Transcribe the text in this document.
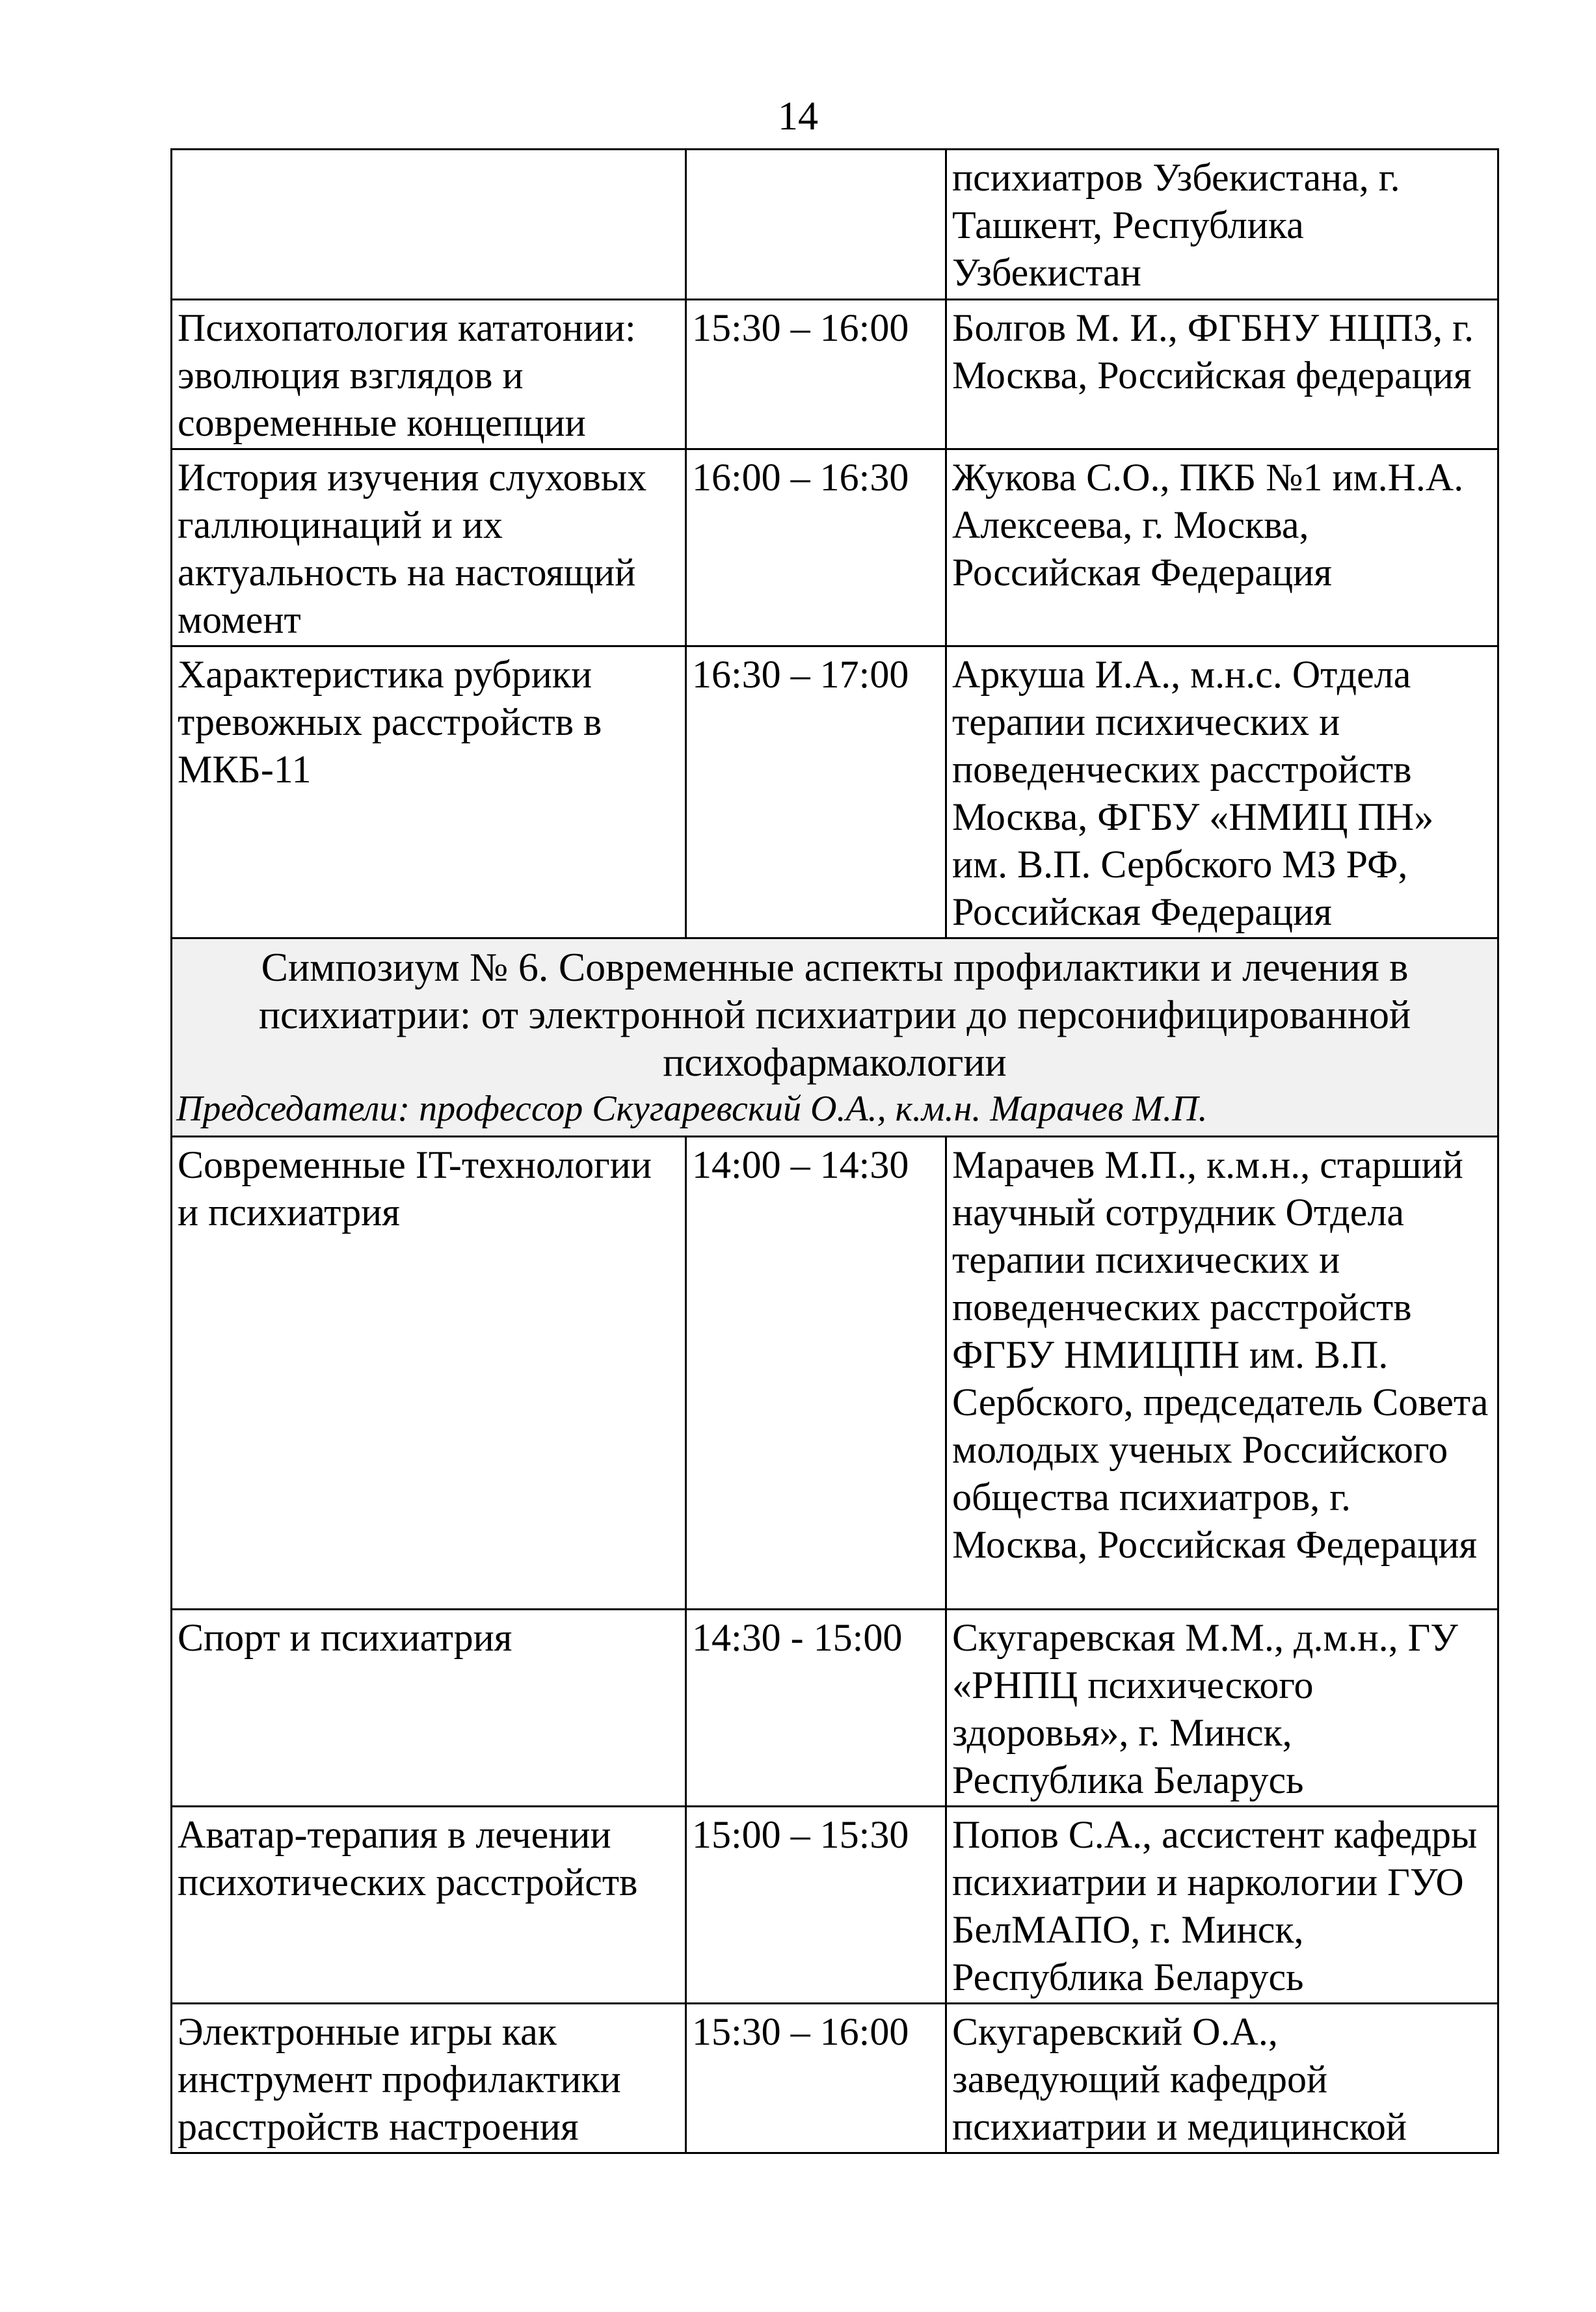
14
		психиатров Узбекистана, г. Ташкент, Республика Узбекистан
Психопатология кататонии: эволюция взглядов и современные концепции	15:30 – 16:00	Болгов М. И., ФГБНУ НЦПЗ, г. Москва, Российская федерация
История изучения слуховых галлюцинаций и их актуальность на настоящий момент	16:00 – 16:30	Жукова С.О., ПКБ №1 им.Н.А. Алексеева, г. Москва, Российская Федерация
Характеристика рубрики тревожных расстройств в МКБ-11	16:30 – 17:00	Аркуша И.А., м.н.с. Отдела терапии психических и поведенческих расстройств Москва, ФГБУ «НМИЦ ПН» им. В.П. Сербского МЗ РФ, Российская Федерация

Симпозиум № 6. Современные аспекты профилактики и лечения в психиатрии: от электронной психиатрии до персонифицированной психофармакологии
Председатели: профессор Скугаревский О.А., к.м.н. Марачев М.П.		

Современные IT-технологии и психиатрия	14:00 – 14:30	Марачев М.П., к.м.н., старший научный сотрудник Отдела терапии психических и поведенческих расстройств ФГБУ НМИЦПН им. В.П. Сербского, председатель Совета молодых ученых Российского общества психиатров, г. Москва, Российская Федерация
Спорт и психиатрия	14:30 - 15:00	Скугаревская М.М., д.м.н., ГУ «РНПЦ психического здоровья», г. Минск, Республика Беларусь
Аватар-терапия в лечении психотических расстройств	15:00 – 15:30	Попов С.А., ассистент кафедры психиатрии и наркологии ГУО БелМАПО, г. Минск, Республика Беларусь
Электронные игры как инструмент профилактики расстройств настроения	15:30 – 16:00	Скугаревский О.А., заведующий кафедрой психиатрии и медицинской
